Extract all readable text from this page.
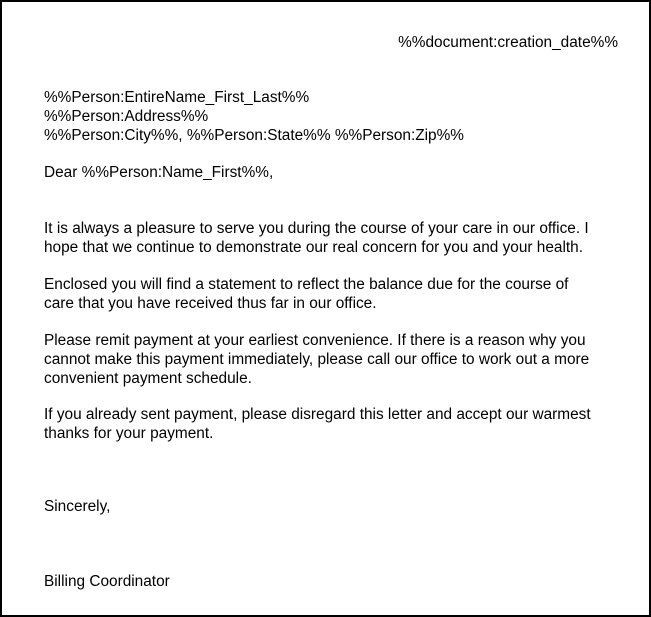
%%document:creation_date%%
%%Person:EntireName_First_Last%%
%%Person:Address%%
%%Person:City%%, %%Person:State%% %%Person:Zip%%
Dear %%Person:Name_First%%,
It is always a pleasure to serve you during the course of your care in our office. I
hope that we continue to demonstrate our real concern for you and your health.
Enclosed you will find a statement to reflect the balance due for the course of
care that you have received thus far in our office.
Please remit payment at your earliest convenience. If there is a reason why you
cannot make this payment immediately, please call our office to work out a more
convenient payment schedule.
If you already sent payment, please disregard this letter and accept our warmest
thanks for your payment.
Sincerely,
Billing Coordinator
